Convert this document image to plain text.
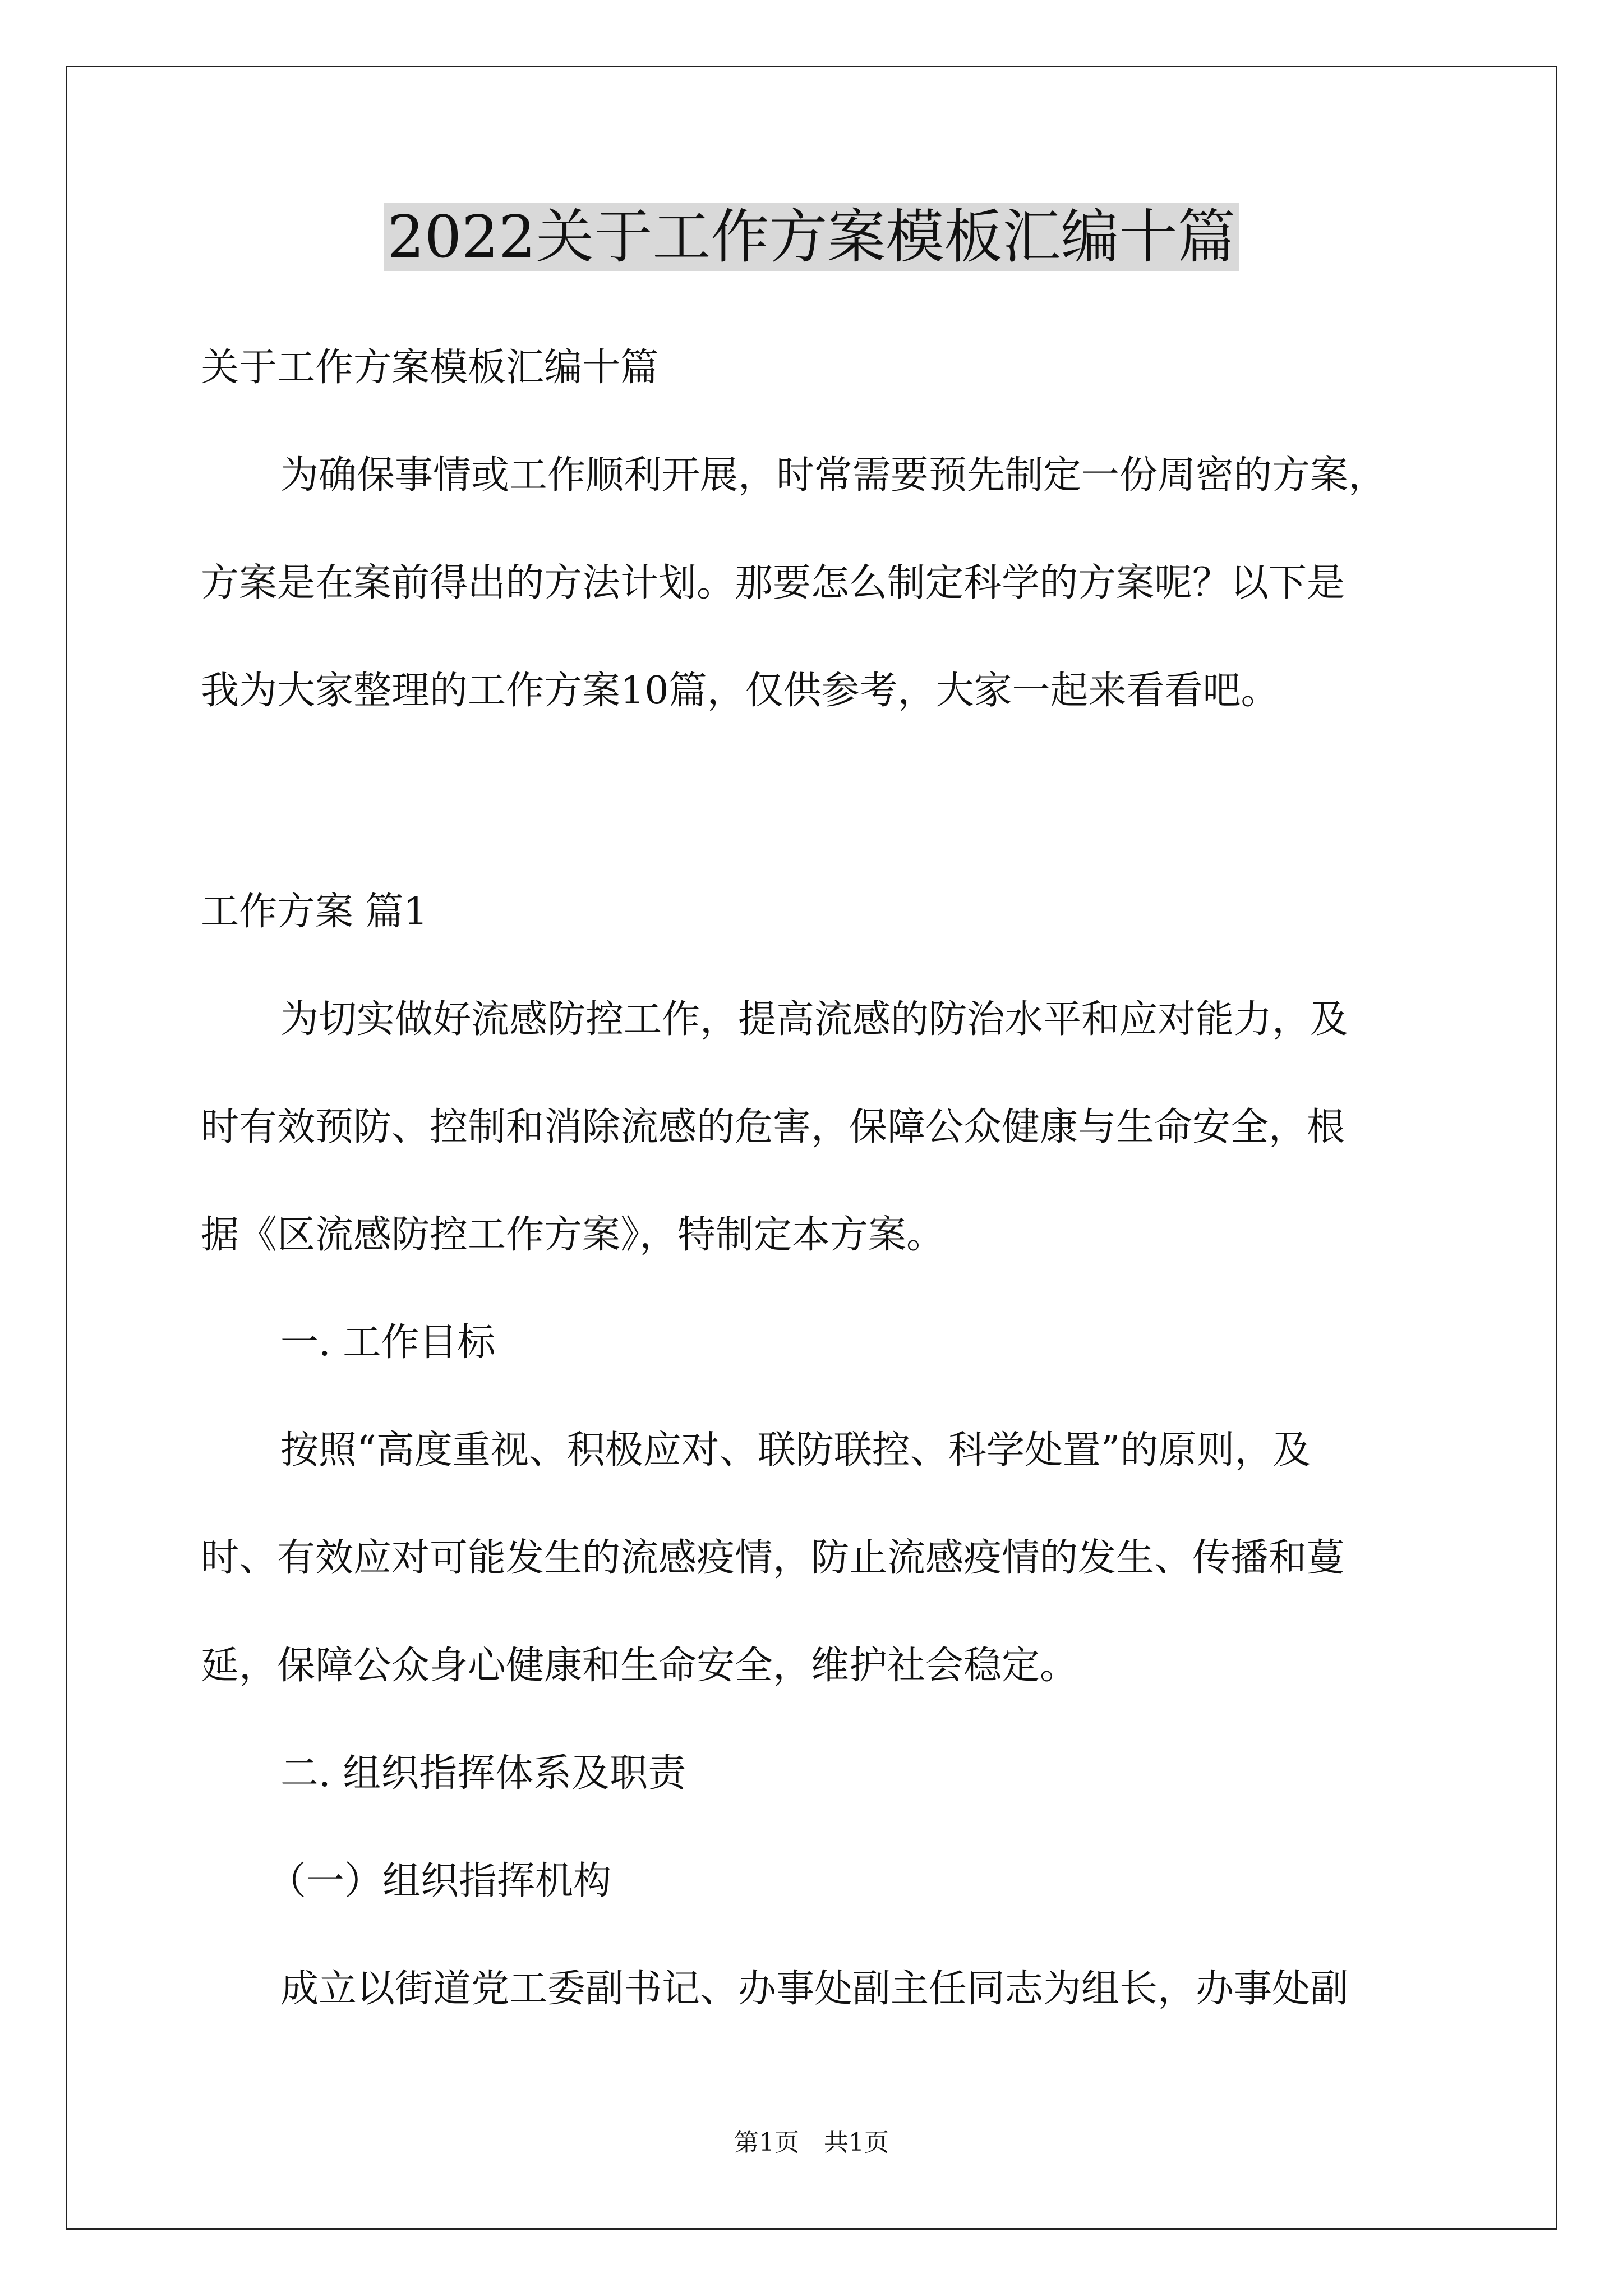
2022关于工作方案模板汇编十篇
关于工作方案模板汇编十篇
为确保事情或工作顺利开展，时常需要预先制定一份周密的方案，
方案是在案前得出的方法计划。那要怎么制定科学的方案呢？以下是
我为大家整理的工作方案10篇，仅供参考，大家一起来看看吧。
工作方案 篇1
为切实做好流感防控工作，提高流感的防治水平和应对能力，及
时有效预防、控制和消除流感的危害，保障公众健康与生命安全，根
据《区流感防控工作方案》，特制定本方案。
一. 工作目标
按照“高度重视、积极应对、联防联控、科学处置”的原则，及
时、有效应对可能发生的流感疫情，防止流感疫情的发生、传播和蔓
延，保障公众身心健康和生命安全，维护社会稳定。
二. 组织指挥体系及职责
（一）组织指挥机构
成立以街道党工委副书记、办事处副主任同志为组长，办事处副
第1页　共1页
